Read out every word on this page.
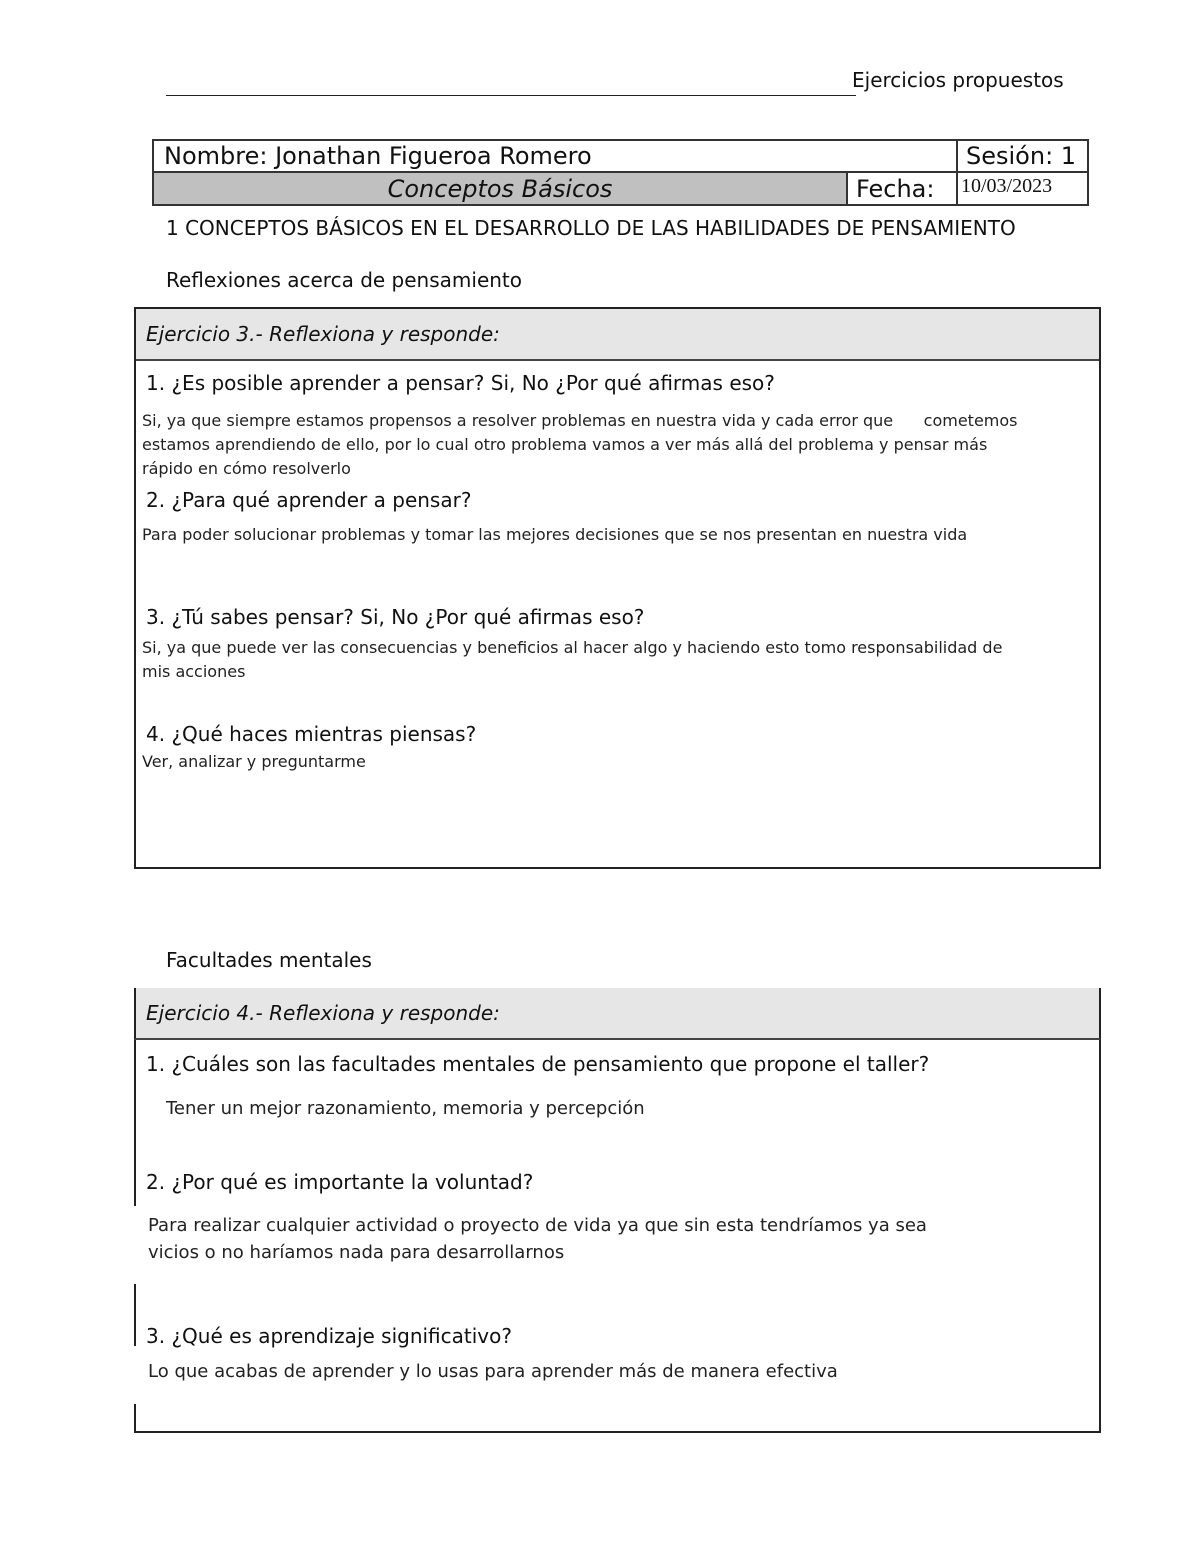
Ejercicios propuestos
Nombre: Jonathan Figueroa Romero	Sesión: 1
Conceptos Básicos	Fecha:	10/03/2023
1 CONCEPTOS BÁSICOS EN EL DESARROLLO DE LAS HABILIDADES DE PENSAMIENTO
Reflexiones acerca de pensamiento
Ejercicio 3.- Reflexiona y responde:
1. ¿Es posible aprender a pensar? Si, No ¿Por qué afirmas eso?
Si, ya que siempre estamos propensos a resolver problemas en nuestra vida y cada error que      cometemos
estamos aprendiendo de ello, por lo cual otro problema vamos a ver más allá del problema y pensar más
rápido en cómo resolverlo
2. ¿Para qué aprender a pensar?
Para poder solucionar problemas y tomar las mejores decisiones que se nos presentan en nuestra vida
3. ¿Tú sabes pensar? Si, No ¿Por qué afirmas eso?
Si, ya que puede ver las consecuencias y beneficios al hacer algo y haciendo esto tomo responsabilidad de
mis acciones
4. ¿Qué haces mientras piensas?
Ver, analizar y preguntarme
Facultades mentales
Ejercicio 4.- Reflexiona y responde:
1. ¿Cuáles son las facultades mentales de pensamiento que propone el taller?
Tener un mejor razonamiento, memoria y percepción
2. ¿Por qué es importante la voluntad?
Para realizar cualquier actividad o proyecto de vida ya que sin esta tendríamos ya sea
vicios o no haríamos nada para desarrollarnos
3. ¿Qué es aprendizaje significativo?
Lo que acabas de aprender y lo usas para aprender más de manera efectiva
